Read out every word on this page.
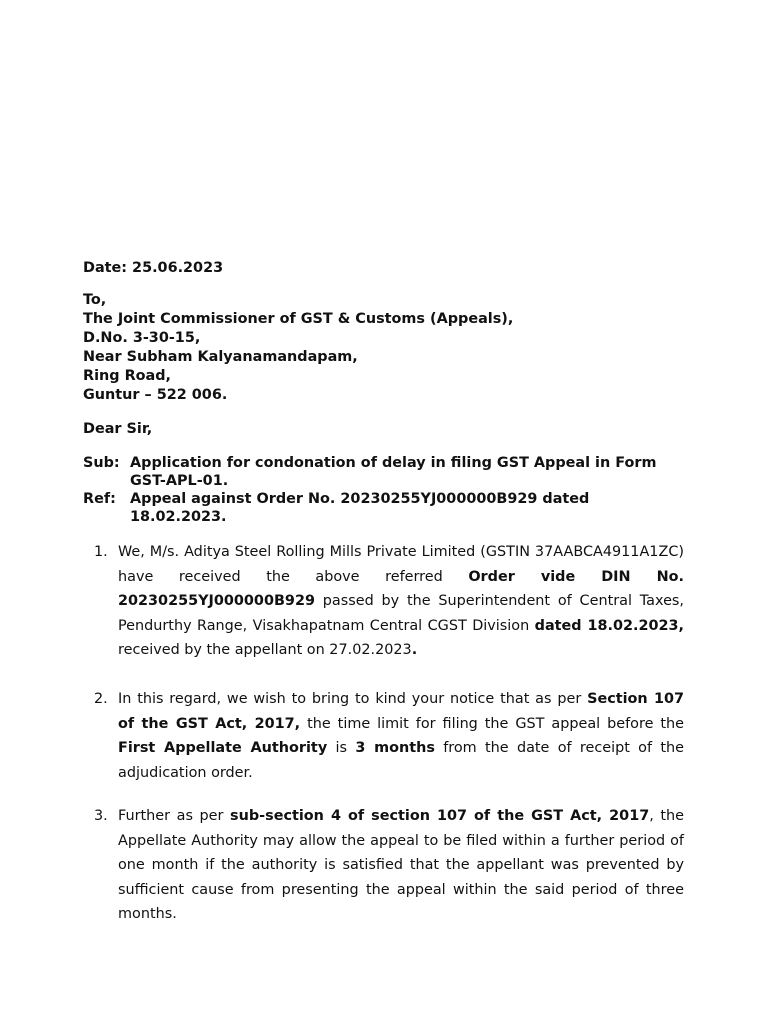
Date: 25.06.2023
To,
The Joint Commissioner of GST & Customs (Appeals),
D.No. 3-30-15,
Near Subham Kalyanamandapam,
Ring Road,
Guntur – 522 006.
Dear Sir,
Sub: Application for condonation of delay in filing GST Appeal in Form GST-APL-01.
Ref: Appeal against Order No. 20230255YJ000000B929 dated 18.02.2023.
1. We, M/s. Aditya Steel Rolling Mills Private Limited (GSTIN 37AABCA4911A1ZC) have received the above referred Order vide DIN No. 20230255YJ000000B929 passed by the Superintendent of Central Taxes, Pendurthy Range, Visakhapatnam Central CGST Division dated 18.02.2023, received by the appellant on 27.02.2023.
2. In this regard, we wish to bring to kind your notice that as per Section 107 of the GST Act, 2017, the time limit for filing the GST appeal before the First Appellate Authority is 3 months from the date of receipt of the adjudication order.
3. Further as per sub-section 4 of section 107 of the GST Act, 2017, the Appellate Authority may allow the appeal to be filed within a further period of one month if the authority is satisfied that the appellant was prevented by sufficient cause from presenting the appeal within the said period of three months.
